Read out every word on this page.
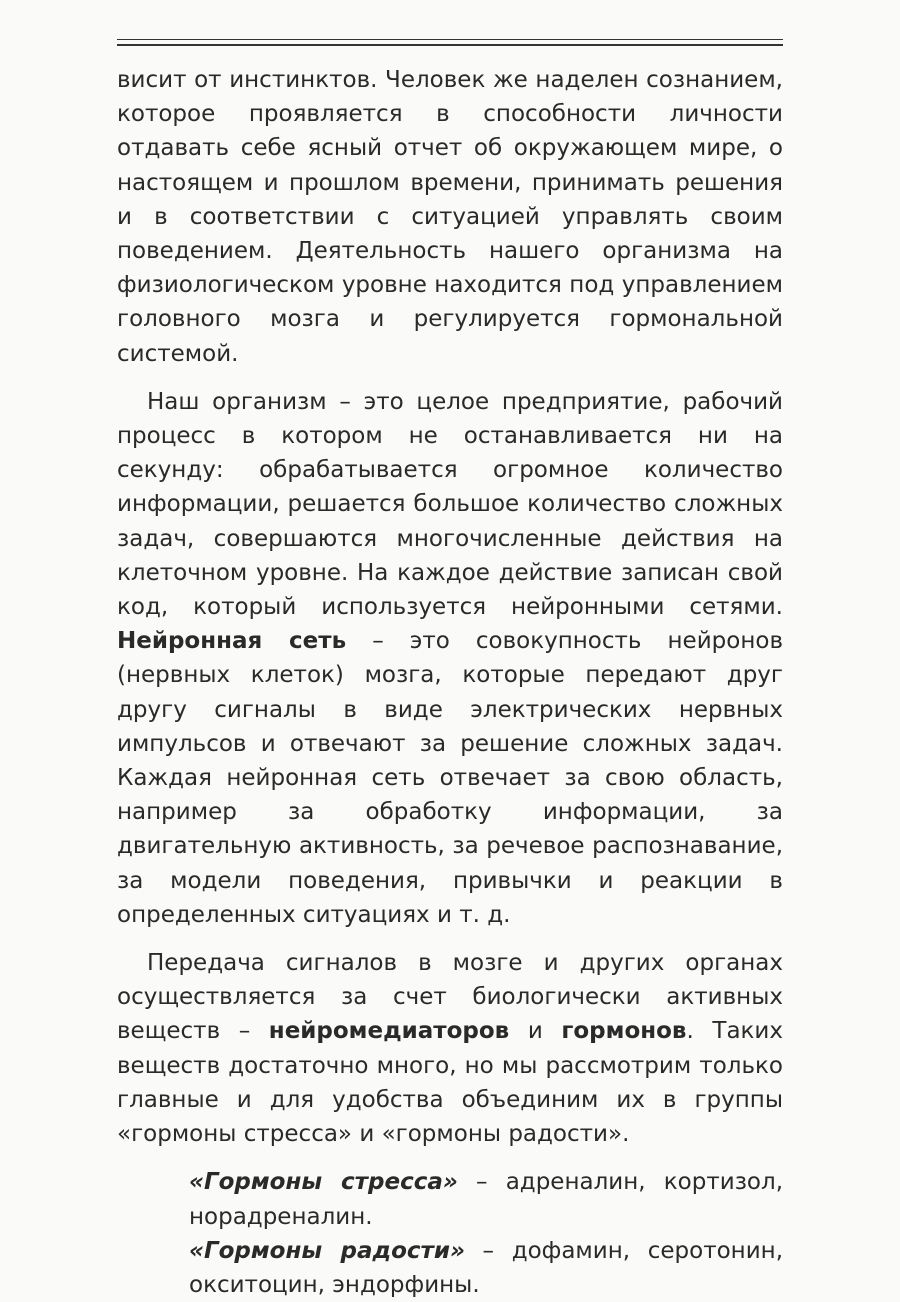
висит от инстинктов. Человек же наделен сознанием, которое проявляется в способности личности отдавать себе ясный отчет об окружающем мире, о настоящем и прошлом времени, принимать решения и в соответствии с ситуацией управлять своим поведением. Деятельность нашего организма на физиологическом уровне находится под управлением головного мозга и регулируется гормональной системой.

Наш организм – это целое предприятие, рабочий процесс в котором не останавливается ни на секунду: обрабатывается огромное количество информации, решается большое количество сложных задач, совершаются многочисленные действия на клеточном уровне. На каждое действие записан свой код, который используется нейронными сетями. Нейронная сеть – это совокупность нейронов (нервных клеток) мозга, которые передают друг другу сигналы в виде электрических нервных импульсов и отвечают за решение сложных задач. Каждая нейронная сеть отвечает за свою область, например за обработку информации, за двигательную активность, за речевое распознавание, за модели поведения, привычки и реакции в определенных ситуациях и т. д.

Передача сигналов в мозге и других органах осуществляется за счет биологически активных веществ – нейромедиаторов и гормонов. Таких веществ достаточно много, но мы рассмотрим только главные и для удобства объединим их в группы «гормоны стресса» и «гормоны радости».

«Гормоны стресса» – адреналин, кортизол, норадреналин.

«Гормоны радости» – дофамин, серотонин, окситоцин, эндорфины.
